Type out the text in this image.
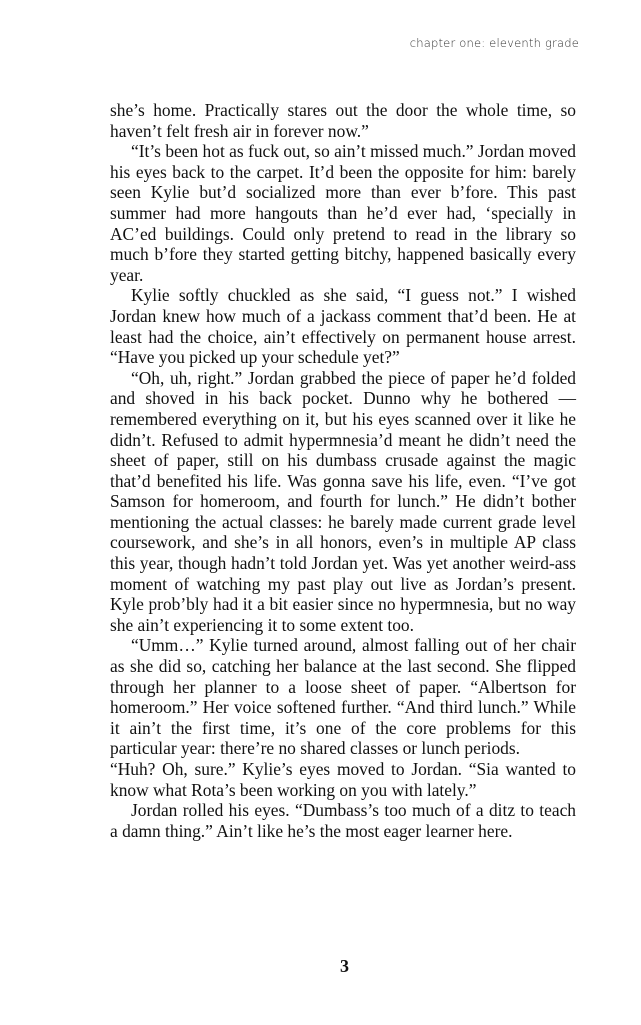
chapter one: eleventh grade

she’s home. Practically stares out the door the whole time, so haven’t felt fresh air in forever now.”

“It’s been hot as fuck out, so ain’t missed much.” Jordan moved his eyes back to the carpet. It’d been the opposite for him: barely seen Kylie but’d socialized more than ever b’fore. This past summer had more hangouts than he’d ever had, ‘specially in AC’ed buildings. Could only pretend to read in the library so much b’fore they started getting bitchy, happened basically every year.

Kylie softly chuckled as she said, “I guess not.” I wished Jordan knew how much of a jackass comment that’d been. He at least had the choice, ain’t effectively on permanent house arrest. “Have you picked up your schedule yet?”

“Oh, uh, right.” Jordan grabbed the piece of paper he’d folded and shoved in his back pocket. Dunno why he bothered — remembered everything on it, but his eyes scanned over it like he didn’t. Refused to admit hypermnesia’d meant he didn’t need the sheet of paper, still on his dumbass crusade against the magic that’d benefited his life. Was gonna save his life, even. “I’ve got Samson for homeroom, and fourth for lunch.” He didn’t bother mentioning the actual classes: he barely made current grade level coursework, and she’s in all honors, even’s in multiple AP class this year, though hadn’t told Jordan yet. Was yet another weird-ass moment of watching my past play out live as Jordan’s present. Kyle prob’bly had it a bit easier since no hypermnesia, but no way she ain’t experiencing it to some extent too.

“Umm…” Kylie turned around, almost falling out of her chair as she did so, catching her balance at the last second. She flipped through her planner to a loose sheet of paper. “Albertson for homeroom.” Her voice softened further. “And third lunch.” While it ain’t the first time, it’s one of the core problems for this particular year: there’re no shared classes or lunch periods.

“Huh? Oh, sure.” Kylie’s eyes moved to Jordan. “Sia wanted to know what Rota’s been working on you with lately.”

Jordan rolled his eyes. “Dumbass’s too much of a ditz to teach a damn thing.” Ain’t like he’s the most eager learner here.

3
